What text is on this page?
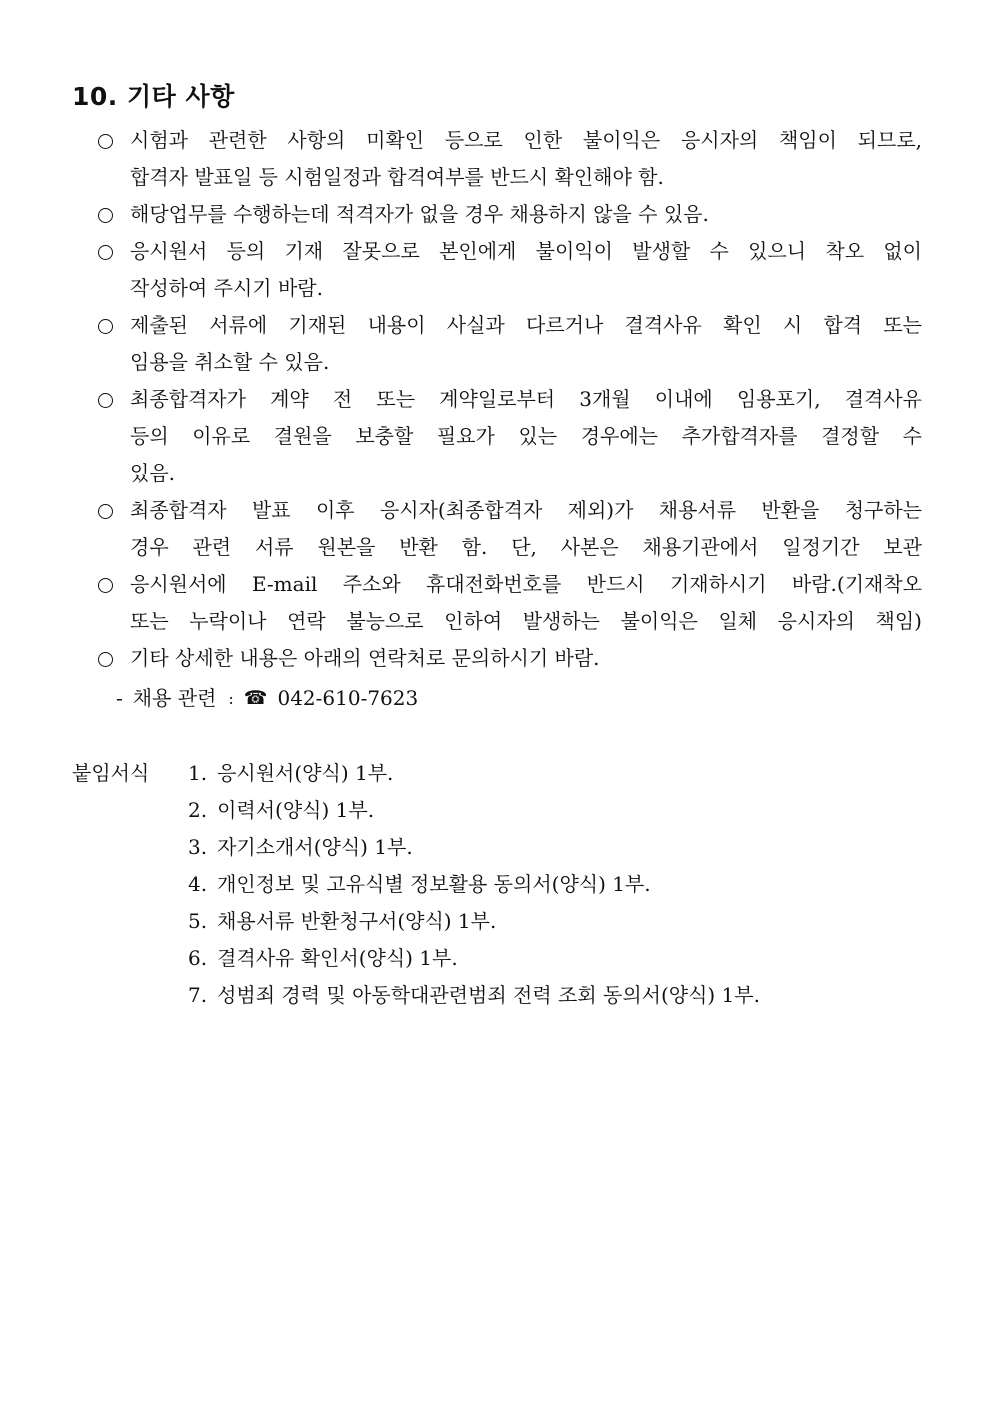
10. 기타 사항
시험과 관련한 사항의 미확인 등으로 인한 불이익은 응시자의 책임이 되므로,
합격자 발표일 등 시험일정과 합격여부를 반드시 확인해야 함.
해당업무를 수행하는데 적격자가 없을 경우 채용하지 않을 수 있음.
응시원서 등의 기재 잘못으로 본인에게 불이익이 발생할 수 있으니 착오 없이
작성하여 주시기 바람.
제출된 서류에 기재된 내용이 사실과 다르거나 결격사유 확인 시 합격 또는
임용을 취소할 수 있음.
최종합격자가 계약 전 또는 계약일로부터 3개월 이내에 임용포기, 결격사유
등의 이유로 결원을 보충할 필요가 있는 경우에는 추가합격자를 결정할 수
있음.
최종합격자 발표 이후 응시자(최종합격자 제외)가 채용서류 반환을 청구하는
경우 관련 서류 원본을 반환 함. 단, 사본은 채용기관에서 일정기간 보관
응시원서에 E-mail 주소와 휴대전화번호를 반드시 기재하시기 바람.(기재착오
또는 누락이나 연락 불능으로 인하여 발생하는 불이익은 일체 응시자의 책임)
기타 상세한 내용은 아래의 연락처로 문의하시기 바람.
- 채용 관련 : ☎ 042-610-7623
붙임서식 1. 응시원서(양식) 1부.
2. 이력서(양식) 1부.
3. 자기소개서(양식) 1부.
4. 개인정보 및 고유식별 정보활용 동의서(양식) 1부.
5. 채용서류 반환청구서(양식) 1부.
6. 결격사유 확인서(양식) 1부.
7. 성범죄 경력 및 아동학대관련범죄 전력 조회 동의서(양식) 1부.
